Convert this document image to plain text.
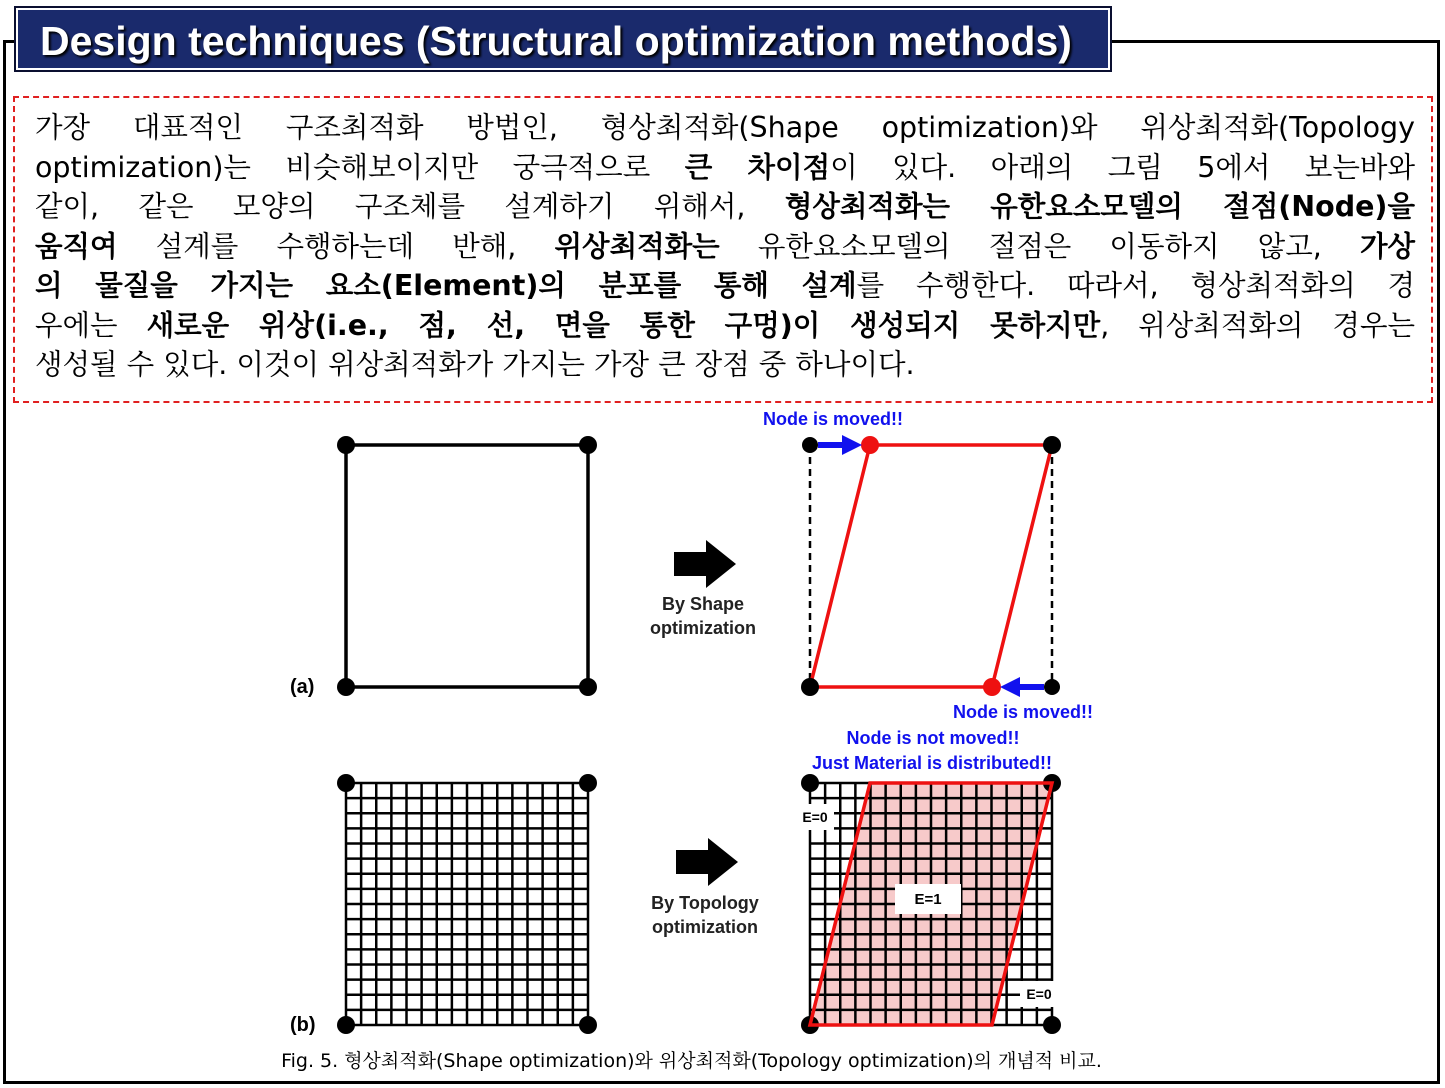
Design techniques (Structural optimization methods)
가장 대표적인 구조최적화 방법인, 형상최적화(Shape optimization)와 위상최적화(Topology
optimization)는 비슷해보이지만 궁극적으로 큰 차이점이 있다. 아래의 그림 5에서 보는바와
같이, 같은 모양의 구조체를 설계하기 위해서, 형상최적화는 유한요소모델의 절점(Node)을
움직여 설계를 수행하는데 반해, 위상최적화는 유한요소모델의 절점은 이동하지 않고, 가상
의 물질을 가지는 요소(Element)의 분포를 통해 설계를 수행한다. 따라서, 형상최적화의 경
우에는 새로운 위상(i.e., 점, 선, 면을 통한 구멍)이 생성되지 못하지만, 위상최적화의 경우는
생성될 수 있다. 이것이 위상최적화가 가지는 가장 큰 장점 중 하나이다.
(a)
By Shape
optimization
Node is moved!!
Node is moved!!
(b)
By Topology
optimization
E=0
E=1
E=0
Node is not moved!!
Just Material is distributed!!
Fig. 5. 형상최적화(Shape optimization)와 위상최적화(Topology optimization)의 개념적 비교.
